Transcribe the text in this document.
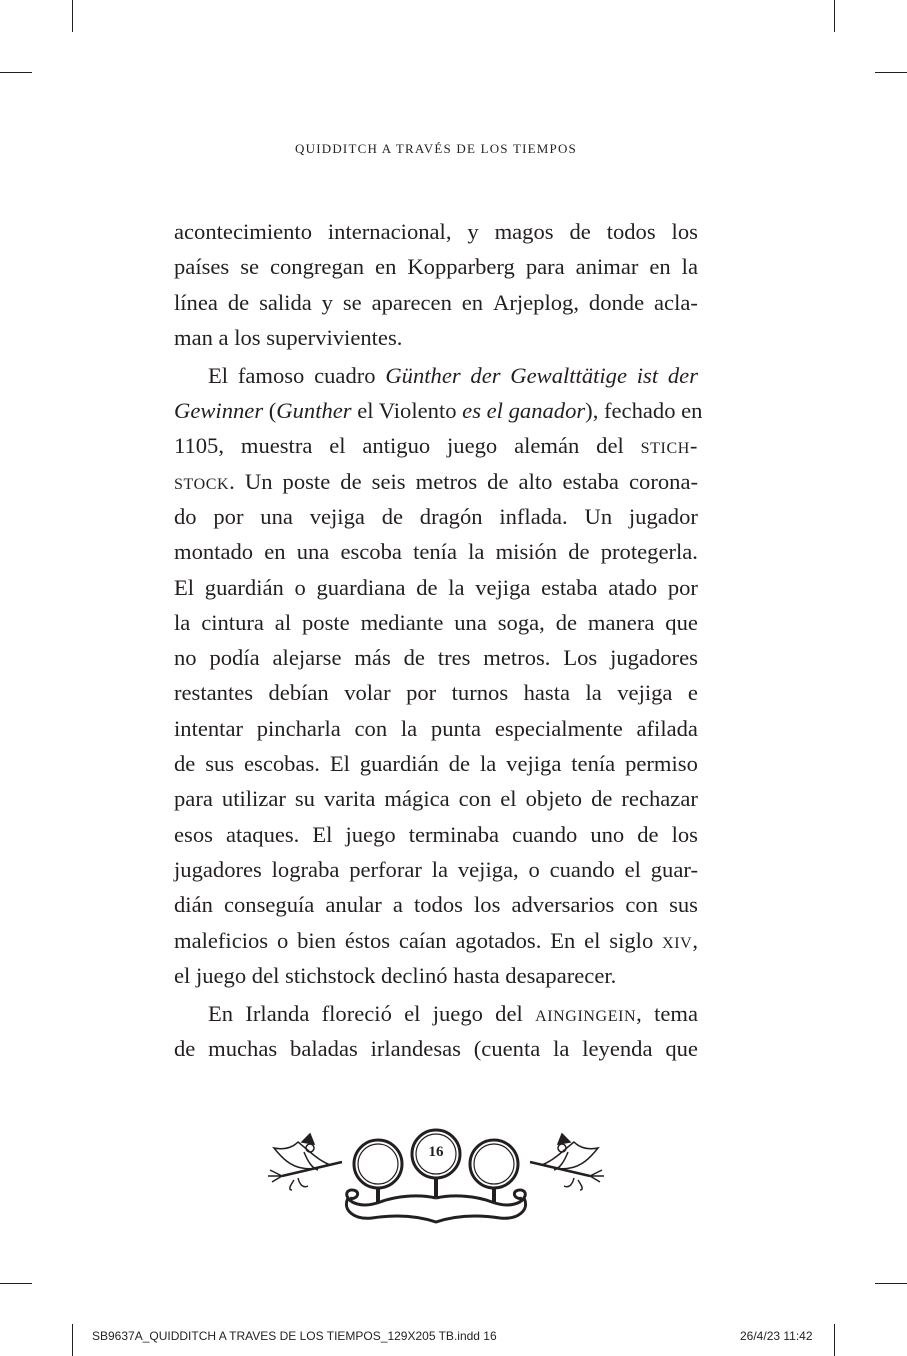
QUIDDITCH A TRAVÉS DE LOS TIEMPOS
acontecimiento internacional, y magos de todos los
países se congregan en Kopparberg para animar en la
línea de salida y se aparecen en Arjeplog, donde acla-
man a los supervivientes.
El famoso cuadro Günther der Gewalttätige ist der
Gewinner (Gunther el Violento es el ganador), fechado en
1105, muestra el antiguo juego alemán del stich-
stock. Un poste de seis metros de alto estaba corona-
do por una vejiga de dragón inflada. Un jugador
montado en una escoba tenía la misión de protegerla.
El guardián o guardiana de la vejiga estaba atado por
la cintura al poste mediante una soga, de manera que
no podía alejarse más de tres metros. Los jugadores
restantes debían volar por turnos hasta la vejiga e
intentar pincharla con la punta especialmente afilada
de sus escobas. El guardián de la vejiga tenía permiso
para utilizar su varita mágica con el objeto de rechazar
esos ataques. El juego terminaba cuando uno de los
jugadores lograba perforar la vejiga, o cuando el guar-
dián conseguía anular a todos los adversarios con sus
maleficios o bien éstos caían agotados. En el siglo xiv,
el juego del stichstock declinó hasta desaparecer.
En Irlanda floreció el juego del aingingein, tema
de muchas baladas irlandesas (cuenta la leyenda que
16
SB9637A_QUIDDITCH A TRAVES DE LOS TIEMPOS_129X205 TB.indd 16	26/4/23 11:42
